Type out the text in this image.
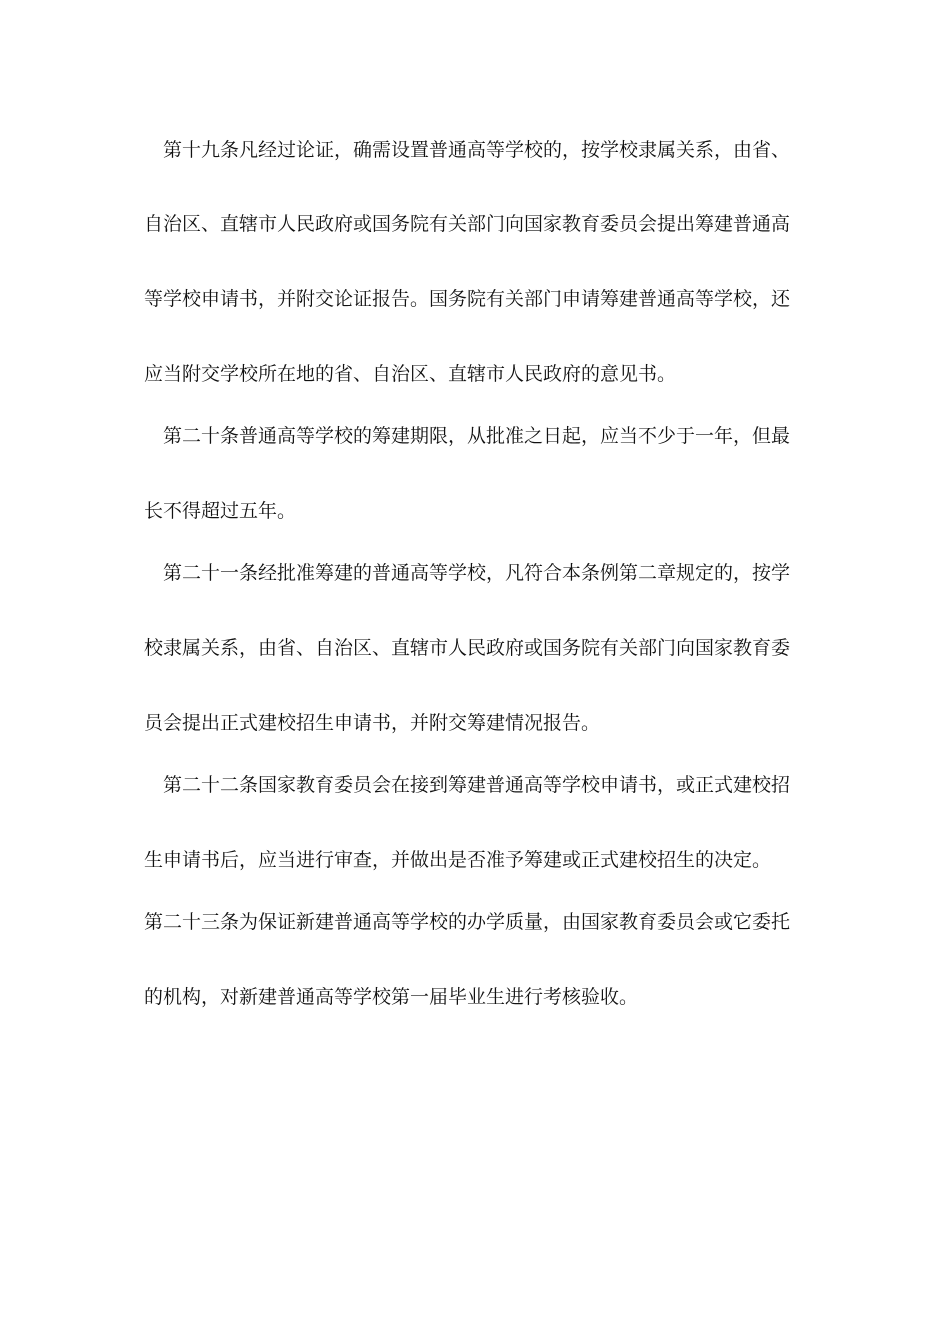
第十九条凡经过论证，确需设置普通高等学校的，按学校隶属关系，由省、
自治区、直辖市人民政府或国务院有关部门向国家教育委员会提出筹建普通高
等学校申请书，并附交论证报告。国务院有关部门申请筹建普通高等学校，还
应当附交学校所在地的省、自治区、直辖市人民政府的意见书。
第二十条普通高等学校的筹建期限，从批准之日起，应当不少于一年，但最
长不得超过五年。
第二十一条经批准筹建的普通高等学校，凡符合本条例第二章规定的，按学
校隶属关系，由省、自治区、直辖市人民政府或国务院有关部门向国家教育委
员会提出正式建校招生申请书，并附交筹建情况报告。
第二十二条国家教育委员会在接到筹建普通高等学校申请书，或正式建校招
生申请书后，应当进行审查，并做出是否准予筹建或正式建校招生的决定。
第二十三条为保证新建普通高等学校的办学质量，由国家教育委员会或它委托
的机构，对新建普通高等学校第一届毕业生进行考核验收。
